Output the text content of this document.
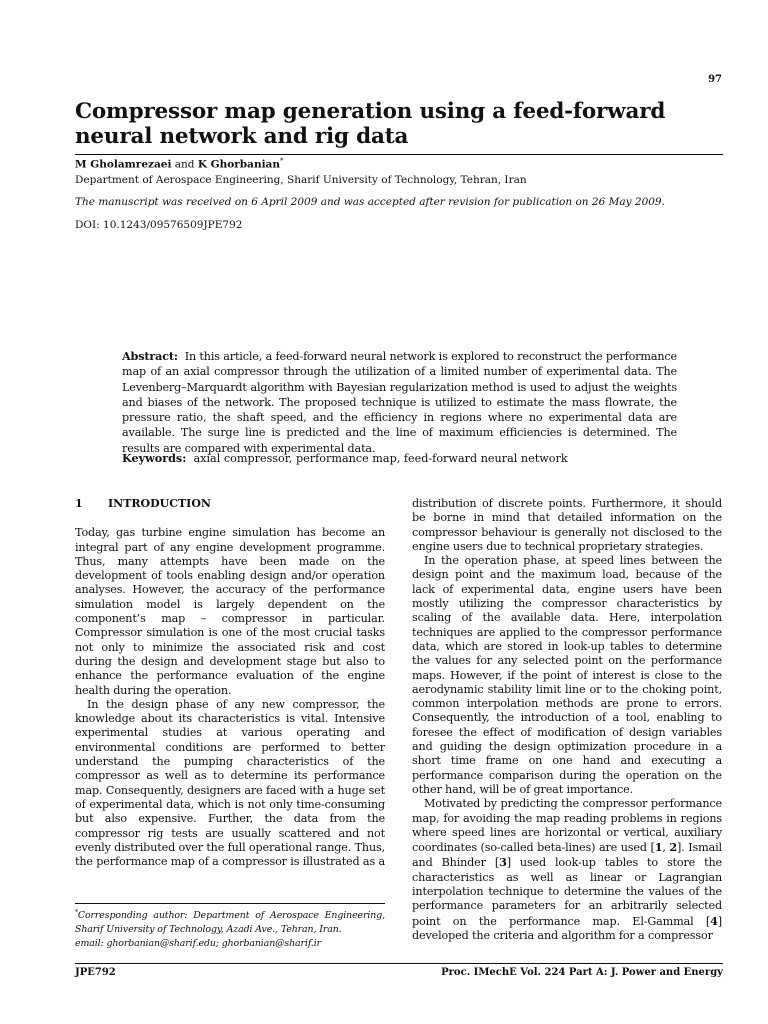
97
Compressor map generation using a feed-forward neural network and rig data
M Gholamrezaei and K Ghorbanian*
Department of Aerospace Engineering, Sharif University of Technology, Tehran, Iran
The manuscript was received on 6 April 2009 and was accepted after revision for publication on 26 May 2009.
DOI: 10.1243/09576509JPE792

Abstract: In this article, a feed-forward neural network is explored to reconstruct the performance map of an axial compressor through the utilization of a limited number of experimental data. The Levenberg–Marquardt algorithm with Bayesian regularization method is used to adjust the weights and biases of the network. The proposed technique is utilized to estimate the mass flowrate, the pressure ratio, the shaft speed, and the efficiency in regions where no experimental data are available. The surge line is predicted and the line of maximum efficiencies is determined. The results are compared with experimental data.

Keywords: axial compressor, performance map, feed-forward neural network

1 INTRODUCTION

Today, gas turbine engine simulation has become an integral part of any engine development programme. Thus, many attempts have been made on the development of tools enabling design and/or operation analyses. However, the accuracy of the performance simulation model is largely dependent on the component’s map – compressor in particular. Compressor simulation is one of the most crucial tasks not only to minimize the associated risk and cost during the design and development stage but also to enhance the performance evaluation of the engine health during the operation.

In the design phase of any new compressor, the knowledge about its characteristics is vital. Intensive experimental studies at various operating and environmental conditions are performed to better understand the pumping characteristics of the compressor as well as to determine its performance map. Consequently, designers are faced with a huge set of experimental data, which is not only time-consuming but also expensive. Further, the data from the compressor rig tests are usually scattered and not evenly distributed over the full operational range. Thus, the performance map of a compressor is illustrated as a

distribution of discrete points. Furthermore, it should be borne in mind that detailed information on the compressor behaviour is generally not disclosed to the engine users due to technical proprietary strategies.

In the operation phase, at speed lines between the design point and the maximum load, because of the lack of experimental data, engine users have been mostly utilizing the compressor characteristics by scaling of the available data. Here, interpolation techniques are applied to the compressor performance data, which are stored in look-up tables to determine the values for any selected point on the performance maps. However, if the point of interest is close to the aerodynamic stability limit line or to the choking point, common interpolation methods are prone to errors. Consequently, the introduction of a tool, enabling to foresee the effect of modification of design variables and guiding the design optimization procedure in a short time frame on one hand and executing a performance comparison during the operation on the other hand, will be of great importance.

Motivated by predicting the compressor performance map, for avoiding the map reading problems in regions where speed lines are horizontal or vertical, auxiliary coordinates (so-called beta-lines) are used [1, 2]. Ismail and Bhinder [3] used look-up tables to store the characteristics as well as linear or Lagrangian interpolation technique to determine the values of the performance parameters for an arbitrarily selected point on the performance map. El-Gammal [4] developed the criteria and algorithm for a compressor

*Corresponding author: Department of Aerospace Engineering, Sharif University of Technology, Azadi Ave., Tehran, Iran.
email: ghorbanian@sharif.edu; ghorbanian@sharif.ir

JPE792	Proc. IMechE Vol. 224 Part A: J. Power and Energy
